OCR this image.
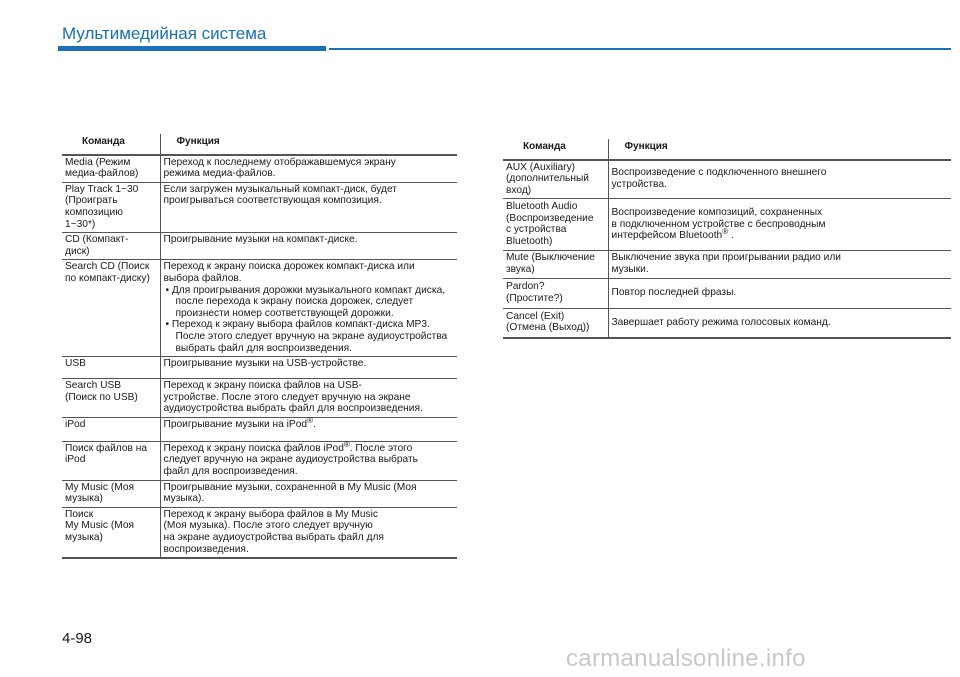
Мультимедийная система
Команда	Функция

Media (Режим
медиа-файлов)	Переход к последнему отображавшемуся экрану
режима медиа-файлов.

Play Track 1~30
(Проиграть
композицию
1~30*)	Если загружен музыкальный компакт-диск, будет
проигрываться соответствующая композиция.

CD (Компакт-
диск)	Проигрывание музыки на компакт-диске.

Search CD (Поиск
по компакт-диску)	Переход к экрану поиска дорожек компакт-диска или
выбора файлов.
• Для проигрывания дорожки музыкального компакт диска, после перехода к экрану поиска дорожек, следует произнести номер соответствующей дорожки.
• Переход к экрану выбора файлов компакт-диска MP3. После этого следует вручную на экране аудиоустройства выбрать файл для воспроизведения.

USB	Проигрывание музыки на USB-устройстве.

Search USB
(Поиск по USB)	Переход к экрану поиска файлов на USB-
устройстве. После этого следует вручную на экране
аудиоустройства выбрать файл для воспроизведения.

iPod	Проигрывание музыки на iPod®.

Поиск файлов на
iPod	Переход к экрану поиска файлов iPod®. После этого
следует вручную на экране аудиоустройства выбрать
файл для воспроизведения.

My Music (Моя
музыка)	Проигрывание музыки, сохраненной в My Music (Моя
музыка).

Поиск
My Music (Моя
музыка)	Переход к экрану выбора файлов в My Music
(Моя музыка). После этого следует вручную
на экране аудиоустройства выбрать файл для
воспроизведения.
Команда	Функция

AUX (Auxiliary)
(дополнительный
вход)	Воспроизведение с подключенного внешнего
устройства.

Bluetooth Audio
(Воспроизведение
с устройства
Bluetooth)	Воспроизведение композиций, сохраненных
в подключенном устройстве с беспроводным
интерфейсом Bluetooth® .

Mute (Выключение
звука)	Выключение звука при проигрывании радио или
музыки.

Pardon? (Простите?)	Повтор последней фразы.

Cancel (Exit)
(Отмена (Выход))	Завершает работу режима голосовых команд.
4-98
carmanualsonline.info
